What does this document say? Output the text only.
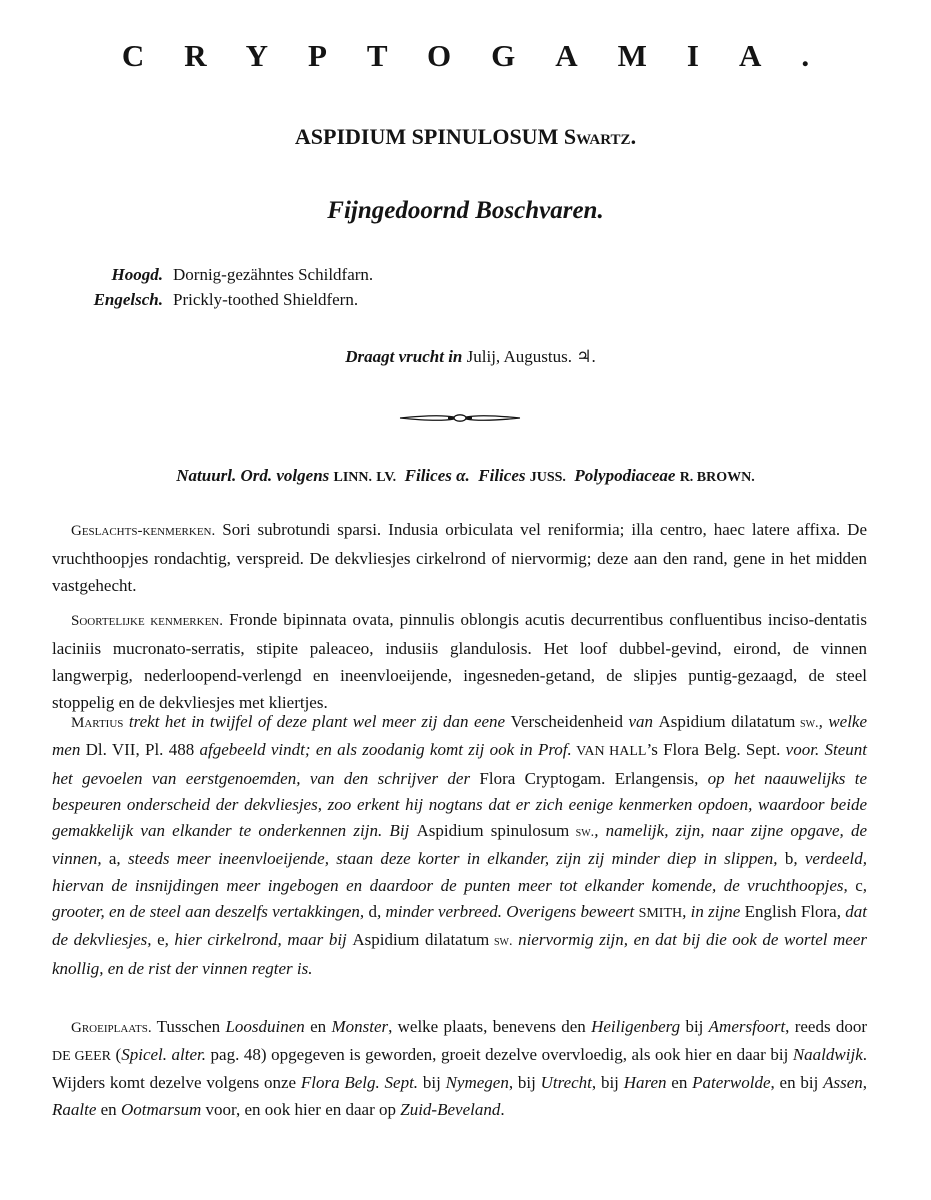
CRYPTOGAMIA.
ASPIDIUM SPINULOSUM Swartz.
Fijngedoornd Boschvaren.
Hoogd. Dornig-gezähntes Schildfarn.
Engelsch. Prickly-toothed Shieldfern.
Draagt vrucht in Julij, Augustus. ♃.
Natuurl. Ord. volgens LINN. LV. Filices α. Filices JUSS. Polypodiaceae R. BROWN.
Geslachts-kenmerken. Sori subrotundi sparsi. Indusia orbiculata vel reniformia; illa centro, haec latere affixa. De vruchthoopjes rondachtig, verspreid. De dekvliesjes cirkelrond of niervormig; deze aan den rand, gene in het midden vastgehecht.
Soortelijke kenmerken. Fronde bipinnata ovata, pinnulis oblongis acutis decurrentibus confluentibus inciso-dentatis laciniis mucronato-serratis, stipite paleaceo, indusiis glandulosis. Het loof dubbel-gevind, eirond, de vinnen langwerpig, nederloopend-verlengd en ineenvloeijende, ingesneden-getand, de slipjes puntig-gezaagd, de steel stoppelig en de dekvliesjes met kliertjes.
Martius trekt het in twijfel of deze plant wel meer zij dan eene Verscheidenheid van Aspidium dilatatum sw., welke men Dl. VII, Pl. 488 afgebeeld vindt; en als zoodanig komt zij ook in Prof. VAN HALL’s Flora Belg. Sept. voor. Steunt het gevoelen van eerstgenoemden, van den schrijver der Flora Cryptogam. Erlangensis, op het naauwelijks te bespeuren onderscheid der dekvliesjes, zoo erkent hij nogtans dat er zich eenige kenmerken opdoen, waardoor beide gemakkelijk van elkander te onderkennen zijn. Bij Aspidium spinulosum sw., namelijk, zijn, naar zijne opgave, de vinnen, a, steeds meer ineenvloeijende, staan deze korter in elkander, zijn zij minder diep in slippen, b, verdeeld, hiervan de insnijdingen meer ingebogen en daardoor de punten meer tot elkander komende, de vruchthoopjes, c, grooter, en de steel aan deszelfs vertakkingen, d, minder verbreed. Overigens beweert SMITH, in zijne English Flora, dat de dekvliesjes, e, hier cirkelrond, maar bij Aspidium dilatatum sw. niervormig zijn, en dat bij die ook de wortel meer knollig, en de rist der vinnen regter is.
Groeiplaats. Tusschen Loosduinen en Monster, welke plaats, benevens den Heiligenberg bij Amersfoort, reeds door DE GEER (Spicel. alter. pag. 48) opgegeven is geworden, groeit dezelve overvloedig, als ook hier en daar bij Naaldwijk. Wijders komt dezelve volgens onze Flora Belg. Sept. bij Nymegen, bij Utrecht, bij Haren en Paterwolde, en bij Assen, Raalte en Ootmarsum voor, en ook hier en daar op Zuid-Beveland.
